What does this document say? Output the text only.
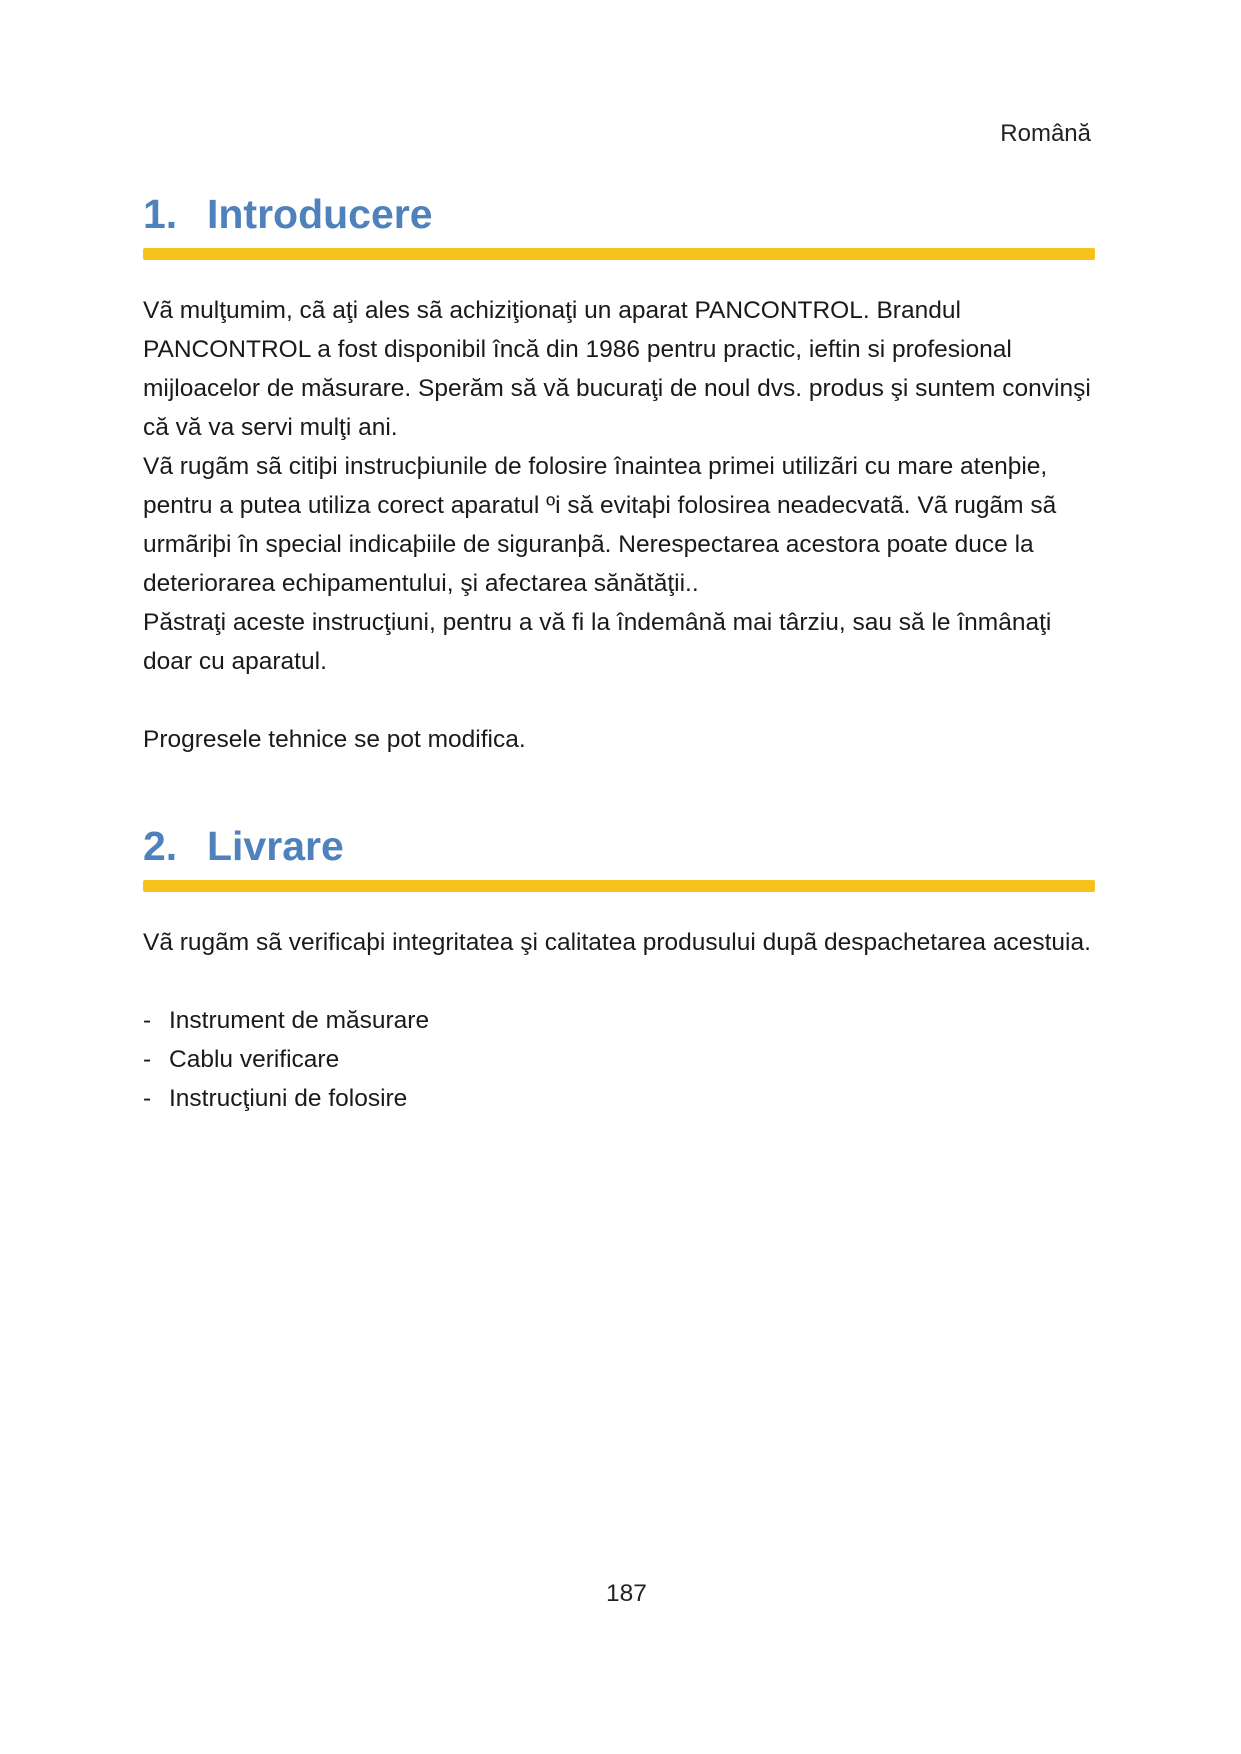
Română
1. Introducere

Vã mulţumim, cã aţi ales sã achiziţionaţi un aparat PANCONTROL. Brandul PANCONTROL a fost disponibil încă din 1986 pentru practic, ieftin si profesional mijloacelor de măsurare. Sperăm să vă bucuraţi de noul dvs. produs şi suntem convinşi că vă va servi mulţi ani.

Vã rugãm sã citiþi instrucþiunile de folosire înaintea primei utilizãri cu mare atenþie, pentru a putea utiliza corect aparatul ºi să evitaþi folosirea neadecvatã. Vã rugãm sã urmãriþi în special indicaþiile de siguranþã. Nerespectarea acestora poate duce la deteriorarea echipamentului, şi afectarea sănătăţii..

Păstraţi aceste instrucţiuni, pentru a vă fi la îndemână mai târziu, sau să le înmânaţi doar cu aparatul.

Progresele tehnice se pot modifica.

2. Livrare

Vã rugãm sã verificaþi integritatea şi calitatea produsului dupã despachetarea acestuia.

- Instrument de măsurare
- Cablu verificare
- Instrucţiuni de folosire
187
